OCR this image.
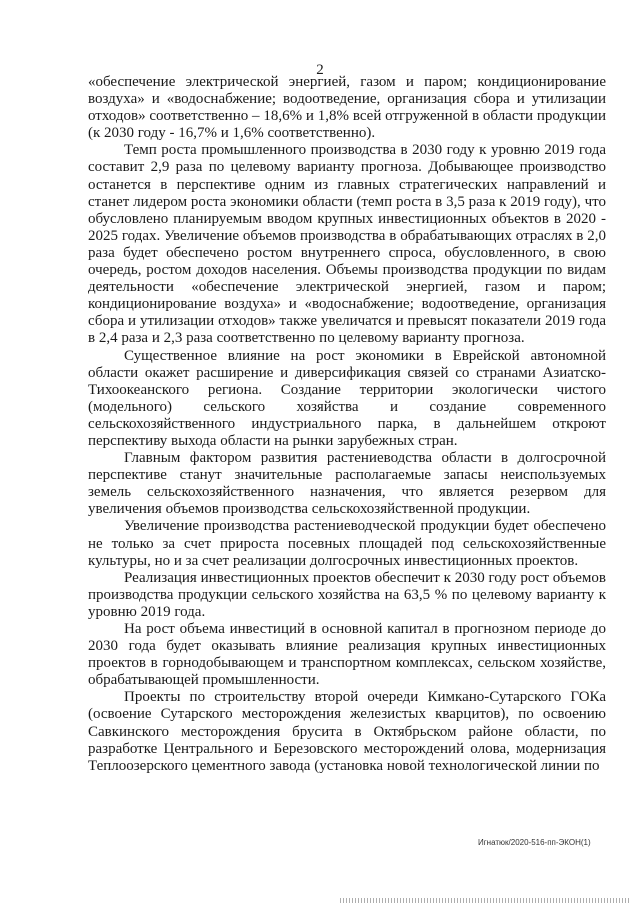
2

«обеспечение электрической энергией, газом и паром; кондиционирование воздуха» и «водоснабжение; водоотведение, организация сбора и утилизации отходов» соответственно – 18,6% и 1,8% всей отгруженной в области продукции (к 2030 году - 16,7% и 1,6% соответственно).

Темп роста промышленного производства в 2030 году к уровню 2019 года составит 2,9 раза по целевому варианту прогноза. Добывающее производство останется в перспективе одним из главных стратегических направлений и станет лидером роста экономики области (темп роста в 3,5 раза к 2019 году), что обусловлено планируемым вводом крупных инвестиционных объектов в 2020 - 2025 годах. Увеличение объемов производства в обрабатывающих отраслях в 2,0 раза будет обеспечено ростом внутреннего спроса, обусловленного, в свою очередь, ростом доходов населения. Объемы производства продукции по видам деятельности «обеспечение электрической энергией, газом и паром; кондиционирование воздуха» и «водоснабжение; водоотведение, организация сбора и утилизации отходов» также увеличатся и превысят показатели 2019 года в 2,4 раза и 2,3 раза соответственно по целевому варианту прогноза.

Существенное влияние на рост экономики в Еврейской автономной области окажет расширение и диверсификация связей со странами Азиатско-Тихоокеанского региона. Создание территории экологически чистого (модельного) сельского хозяйства и создание современного сельскохозяйственного индустриального парка, в дальнейшем откроют перспективу выхода области на рынки зарубежных стран.

Главным фактором развития растениеводства области в долгосрочной перспективе станут значительные располагаемые запасы неиспользуемых земель сельскохозяйственного назначения, что является резервом для увеличения объемов производства сельскохозяйственной продукции.

Увеличение производства растениеводческой продукции будет обеспечено не только за счет прироста посевных площадей под сельскохозяйственные культуры, но и за счет реализации долгосрочных инвестиционных проектов.

Реализация инвестиционных проектов обеспечит к 2030 году рост объемов производства продукции сельского хозяйства на 63,5 % по целевому варианту к уровню 2019 года.

На рост объема инвестиций в основной капитал в прогнозном периоде до 2030 года будет оказывать влияние реализация крупных инвестиционных проектов в горнодобывающем и транспортном комплексах, сельском хозяйстве, обрабатывающей промышленности.

Проекты по строительству второй очереди Кимкано-Сутарского ГОКа (освоение Сутарского месторождения железистых кварцитов), по освоению Савкинского месторождения брусита в Октябрьском районе области, по разработке Центрального и Березовского месторождений олова, модернизация Теплоозерского цементного завода (установка новой технологической линии по

Игнатюк/2020-516-пп-ЭКОН(1)
